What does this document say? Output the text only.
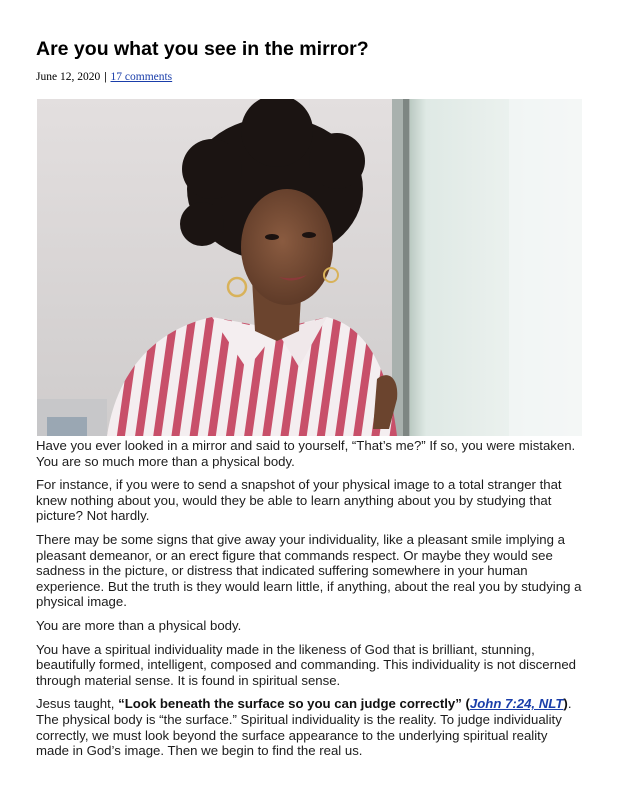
Are you what you see in the mirror?
June 12, 2020 | 17 comments

Have you ever looked in a mirror and said to yourself, “That’s me?” If so, you were mistaken. You are so much more than a physical body.

For instance, if you were to send a snapshot of your physical image to a total stranger that knew nothing about you, would they be able to learn anything about you by studying that picture? Not hardly.

There may be some signs that give away your individuality, like a pleasant smile implying a pleasant demeanor, or an erect figure that commands respect. Or maybe they would see sadness in the picture, or distress that indicated suffering somewhere in your human experience. But the truth is they would learn little, if anything, about the real you by studying a physical image.

You are more than a physical body.

You have a spiritual individuality made in the likeness of God that is brilliant, stunning, beautifully formed, intelligent, composed and commanding. This individuality is not discerned through material sense. It is found in spiritual sense.

Jesus taught, “Look beneath the surface so you can judge correctly” (John 7:24, NLT). The physical body is “the surface.” Spiritual individuality is the reality. To judge individuality correctly, we must look beyond the surface appearance to the underlying spiritual reality made in God’s image. Then we begin to find the real us.
